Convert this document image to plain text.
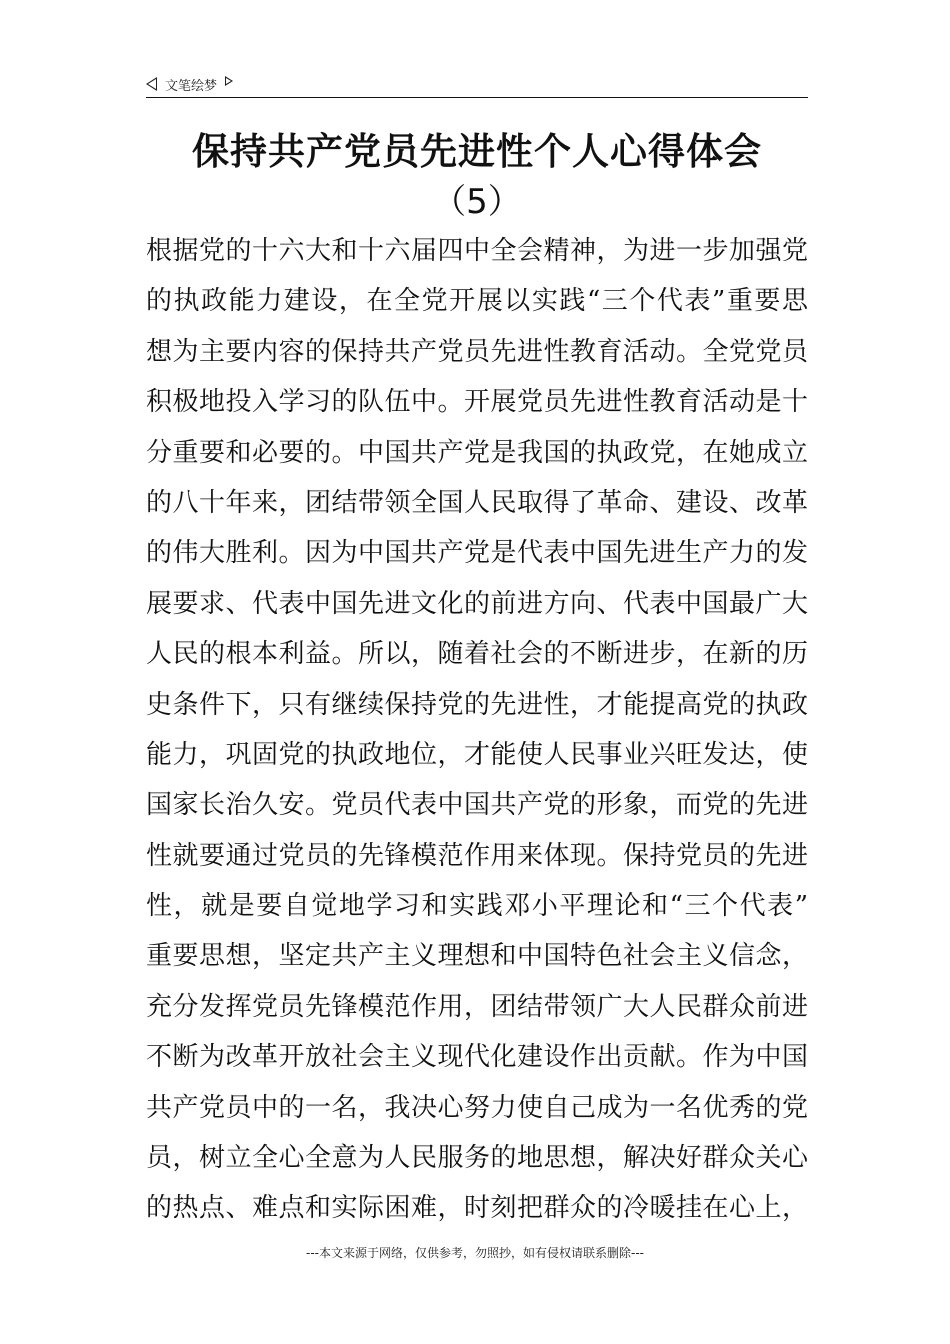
文笔绘梦
保持共产党员先进性个人心得体会
（5）
根据党的十六大和十六届四中全会精神，为进一步加强党
的执政能力建设，在全党开展以实践“三个代表”重要思
想为主要内容的保持共产党员先进性教育活动。全党党员
积极地投入学习的队伍中。开展党员先进性教育活动是十
分重要和必要的。中国共产党是我国的执政党，在她成立
的八十年来，团结带领全国人民取得了革命、建设、改革
的伟大胜利。因为中国共产党是代表中国先进生产力的发
展要求、代表中国先进文化的前进方向、代表中国最广大
人民的根本利益。所以，随着社会的不断进步，在新的历
史条件下，只有继续保持党的先进性，才能提高党的执政
能力，巩固党的执政地位，才能使人民事业兴旺发达，使
国家长治久安。党员代表中国共产党的形象，而党的先进
性就要通过党员的先锋模范作用来体现。保持党员的先进
性，就是要自觉地学习和实践邓小平理论和“三个代表”
重要思想，坚定共产主义理想和中国特色社会主义信念，
充分发挥党员先锋模范作用，团结带领广大人民群众前进
不断为改革开放社会主义现代化建设作出贡献。作为中国
共产党员中的一名，我决心努力使自己成为一名优秀的党
员，树立全心全意为人民服务的地思想，解决好群众关心
的热点、难点和实际困难，时刻把群众的冷暖挂在心上，
---本文来源于网络，仅供参考，勿照抄，如有侵权请联系删除---
